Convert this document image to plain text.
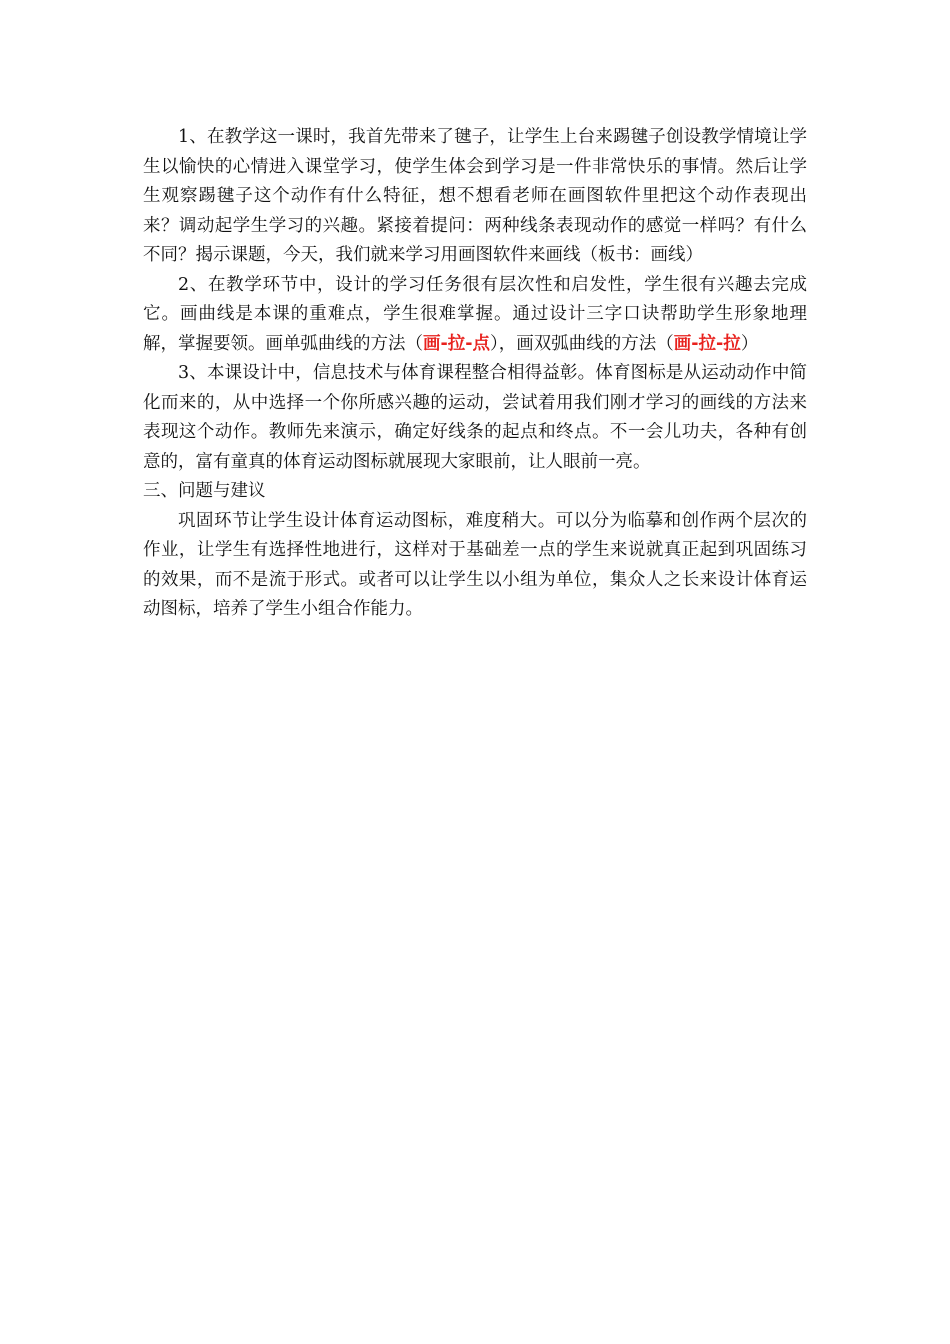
1、在教学这一课时，我首先带来了毽子，让学生上台来踢毽子创设教学情境让学生以愉快的心情进入课堂学习，使学生体会到学习是一件非常快乐的事情。然后让学生观察踢毽子这个动作有什么特征，想不想看老师在画图软件里把这个动作表现出来？调动起学生学习的兴趣。紧接着提问：两种线条表现动作的感觉一样吗？有什么不同？揭示课题，今天，我们就来学习用画图软件来画线（板书：画线）

2、在教学环节中，设计的学习任务很有层次性和启发性，学生很有兴趣去完成它。画曲线是本课的重难点，学生很难掌握。通过设计三字口诀帮助学生形象地理解，掌握要领。画单弧曲线的方法（画-拉-点），画双弧曲线的方法（画-拉-拉）

3、本课设计中，信息技术与体育课程整合相得益彰。体育图标是从运动动作中简化而来的，从中选择一个你所感兴趣的运动，尝试着用我们刚才学习的画线的方法来表现这个动作。教师先来演示，确定好线条的起点和终点。不一会儿功夫，各种有创意的，富有童真的体育运动图标就展现大家眼前，让人眼前一亮。

三、问题与建议

巩固环节让学生设计体育运动图标，难度稍大。可以分为临摹和创作两个层次的作业，让学生有选择性地进行，这样对于基础差一点的学生来说就真正起到巩固练习的效果，而不是流于形式。或者可以让学生以小组为单位，集众人之长来设计体育运动图标，培养了学生小组合作能力。
